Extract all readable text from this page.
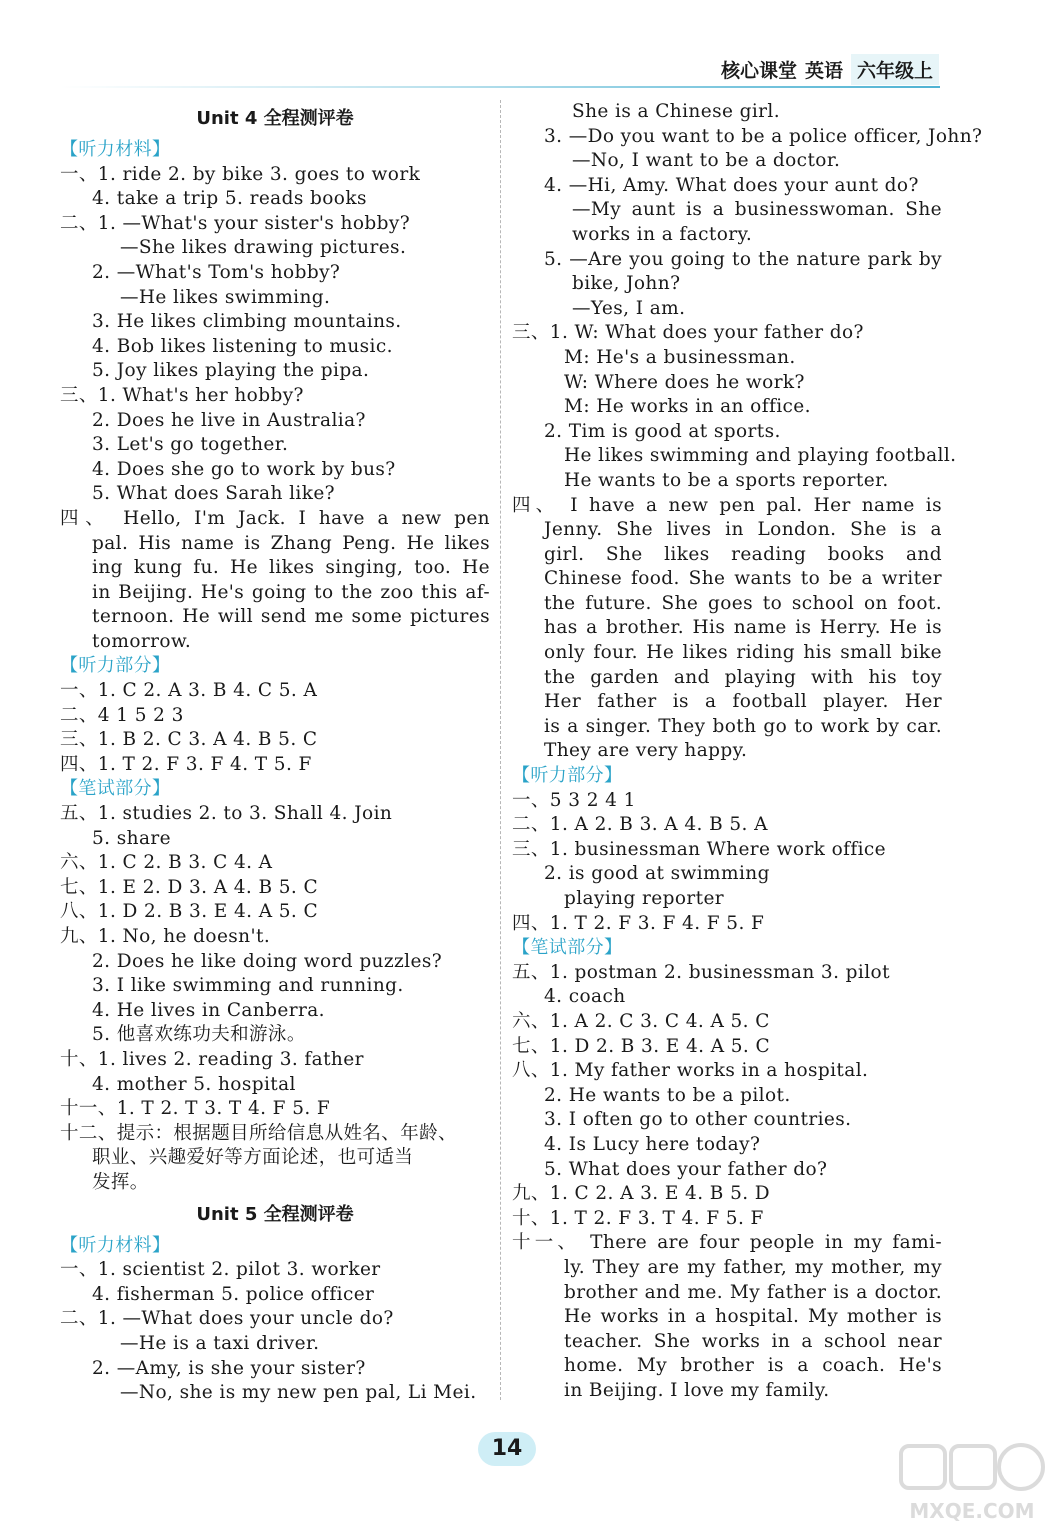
核心课堂 英语 六年级上
Unit 4 全程测评卷
【听力材料】
一、1. ride 2. by bike 3. goes to work
4. take a trip 5. reads books
二、1. —What's your sister's hobby?
—She likes drawing pictures.
2. —What's Tom's hobby?
—He likes swimming.
3. He likes climbing mountains.
4. Bob likes listening to music.
5. Joy likes playing the pipa.
三、1. What's her hobby?
2. Does he live in Australia?
3. Let's go together.
4. Does she go to work by bus?
5. What does Sarah like?
四、 Hello, I'm Jack. I have a new pen
pal. His name is Zhang Peng. He likes
ing kung fu. He likes singing, too. He
in Beijing. He's going to the zoo this af-
ternoon. He will send me some pictures
tomorrow.
【听力部分】
一、1. C 2. A 3. B 4. C 5. A
二、4 1 5 2 3
三、1. B 2. C 3. A 4. B 5. C
四、1. T 2. F 3. F 4. T 5. F
【笔试部分】
五、1. studies 2. to 3. Shall 4. Join
5. share
六、1. C 2. B 3. C 4. A
七、1. E 2. D 3. A 4. B 5. C
八、1. D 2. B 3. E 4. A 5. C
九、1. No, he doesn't.
2. Does he like doing word puzzles?
3. I like swimming and running.
4. He lives in Canberra.
5. 他喜欢练功夫和游泳。
十、1. lives 2. reading 3. father
4. mother 5. hospital
十一、1. T 2. T 3. T 4. F 5. F
十二、提示：根据题目所给信息从姓名、年龄、
职业、兴趣爱好等方面论述，也可适当
发挥。
Unit 5 全程测评卷
【听力材料】
一、1. scientist 2. pilot 3. worker
4. fisherman 5. police officer
二、1. —What does your uncle do?
—He is a taxi driver.
2. —Amy, is she your sister?
—No, she is my new pen pal, Li Mei.
She is a Chinese girl.
3. —Do you want to be a police officer, John?
—No, I want to be a doctor.
4. —Hi, Amy. What does your aunt do?
—My aunt is a businesswoman. She
works in a factory.
5. —Are you going to the nature park by
bike, John?
—Yes, I am.
三、1. W: What does your father do?
M: He's a businessman.
W: Where does he work?
M: He works in an office.
2. Tim is good at sports.
He likes swimming and playing football.
He wants to be a sports reporter.
四、 I have a new pen pal. Her name is
Jenny. She lives in London. She is a
girl. She likes reading books and
Chinese food. She wants to be a writer
the future. She goes to school on foot.
has a brother. His name is Herry. He is
only four. He likes riding his small bike
the garden and playing with his toy
Her father is a football player. Her
is a singer. They both go to work by car.
They are very happy.
【听力部分】
一、5 3 2 4 1
二、1. A 2. B 3. A 4. B 5. A
三、1. businessman Where work office
2. is good at swimming
playing reporter
四、1. T 2. F 3. F 4. F 5. F
【笔试部分】
五、1. postman 2. businessman 3. pilot
4. coach
六、1. A 2. C 3. C 4. A 5. C
七、1. D 2. B 3. E 4. A 5. C
八、1. My father works in a hospital.
2. He wants to be a pilot.
3. I often go to other countries.
4. Is Lucy here today?
5. What does your father do?
九、1. C 2. A 3. E 4. B 5. D
十、1. T 2. F 3. T 4. F 5. F
十一、 There are four people in my fami-
ly. They are my father, my mother, my
brother and me. My father is a doctor.
He works in a hospital. My mother is
teacher. She works in a school near
home. My brother is a coach. He's
in Beijing. I love my family.
14
MXQE.COM
